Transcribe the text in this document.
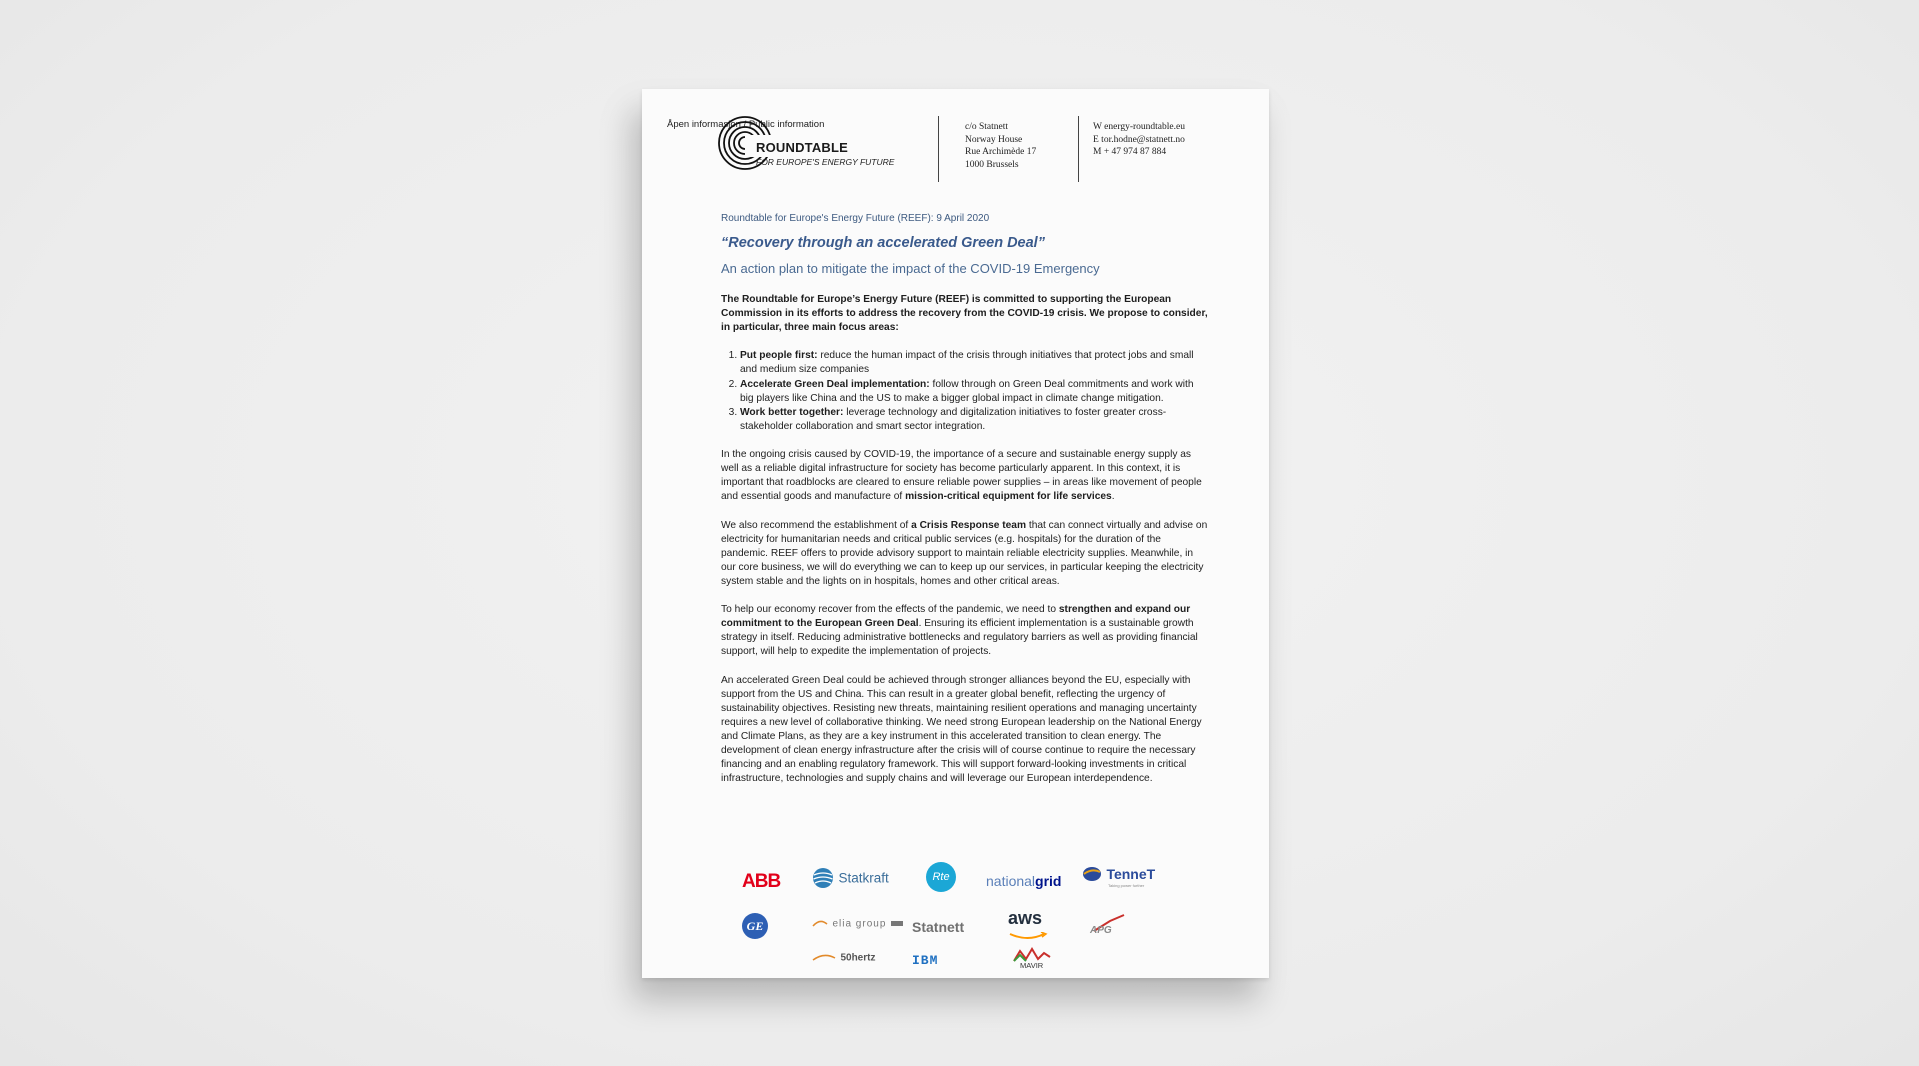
Åpen informasjon / Public information
ROUNDTABLE
FOR EUROPE'S ENERGY FUTURE
c/o Statnett
Norway House
Rue Archimède 17
1000 Brussels
W energy-roundtable.eu
E tor.hodne@statnett.no
M + 47 974 87 884
Roundtable for Europe's Energy Future (REEF): 9 April 2020
“Recovery through an accelerated Green Deal”
An action plan to mitigate the impact of the COVID-19 Emergency

The Roundtable for Europe’s Energy Future (REEF) is committed to supporting the European Commission in its efforts to address the recovery from the COVID-19 crisis. We propose to consider, in particular, three main focus areas:

1. Put people first: reduce the human impact of the crisis through initiatives that protect jobs and small and medium size companies
2. Accelerate Green Deal implementation: follow through on Green Deal commitments and work with big players like China and the US to make a bigger global impact in climate change mitigation.
3. Work better together: leverage technology and digitalization initiatives to foster greater cross-stakeholder collaboration and smart sector integration.

In the ongoing crisis caused by COVID-19, the importance of a secure and sustainable energy supply as well as a reliable digital infrastructure for society has become particularly apparent. In this context, it is important that roadblocks are cleared to ensure reliable power supplies – in areas like movement of people and essential goods and manufacture of mission-critical equipment for life services.

We also recommend the establishment of a Crisis Response team that can connect virtually and advise on electricity for humanitarian needs and critical public services (e.g. hospitals) for the duration of the pandemic. REEF offers to provide advisory support to maintain reliable electricity supplies. Meanwhile, in our core business, we will do everything we can to keep up our services, in particular keeping the electricity system stable and the lights on in hospitals, homes and other critical areas.

To help our economy recover from the effects of the pandemic, we need to strengthen and expand our commitment to the European Green Deal. Ensuring its efficient implementation is a sustainable growth strategy in itself. Reducing administrative bottlenecks and regulatory barriers as well as providing financial support, will help to expedite the implementation of projects.

An accelerated Green Deal could be achieved through stronger alliances beyond the EU, especially with support from the US and China. This can result in a greater global benefit, reflecting the urgency of sustainability objectives. Resisting new threats, maintaining resilient operations and managing uncertainty requires a new level of collaborative thinking. We need strong European leadership on the National Energy and Climate Plans, as they are a key instrument in this accelerated transition to clean energy. The development of clean energy infrastructure after the crisis will of course continue to require the necessary financing and an enabling regulatory framework. This will support forward-looking investments in critical infrastructure, technologies and supply chains and will leverage our European interdependence.

ABB	Statkraft	Rte	nationalgrid	TenneT
Taking power further
GE	elia group	Statnett aws
APG
50hertz	IBM	MAVIR
